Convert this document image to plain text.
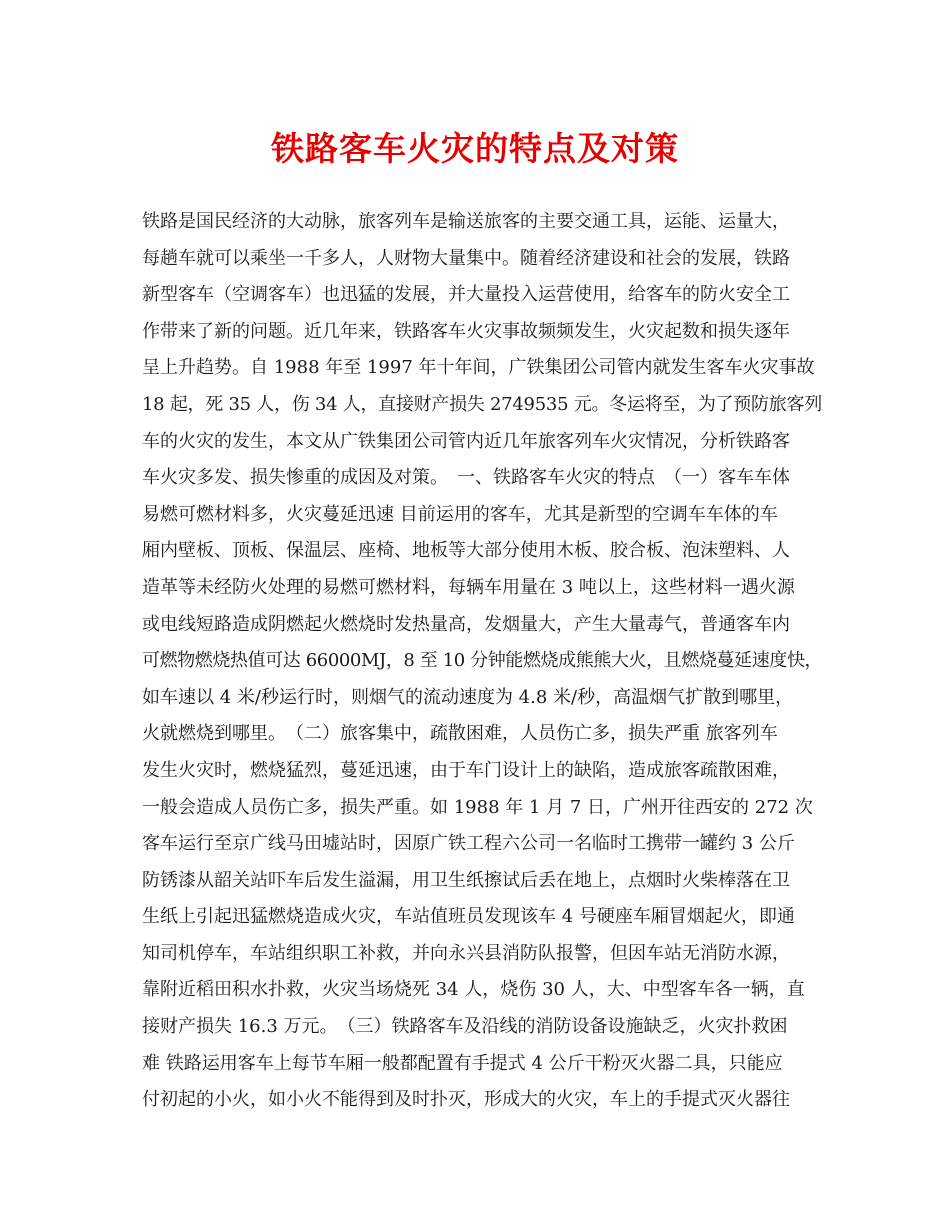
铁路客车火灾的特点及对策
铁路是国民经济的大动脉，旅客列车是输送旅客的主要交通工具，运能、运量大，
每趟车就可以乘坐一千多人，人财物大量集中。随着经济建设和社会的发展，铁路
新型客车（空调客车）也迅猛的发展，并大量投入运营使用，给客车的防火安全工
作带来了新的问题。近几年来，铁路客车火灾事故频频发生，火灾起数和损失逐年
呈上升趋势。自 1988 年至 1997 年十年间，广铁集团公司管内就发生客车火灾事故
18 起，死 35 人，伤 34 人，直接财产损失 2749535 元。冬运将至，为了预防旅客列
车的火灾的发生，本文从广铁集团公司管内近几年旅客列车火灾情况，分析铁路客
车火灾多发、损失惨重的成因及对策。　一、铁路客车火灾的特点　（一）客车车体
易燃可燃材料多，火灾蔓延迅速 目前运用的客车，尤其是新型的空调车车体的车
厢内壁板、顶板、保温层、座椅、地板等大部分使用木板、胶合板、泡沫塑料、人
造革等未经防火处理的易燃可燃材料，每辆车用量在 3 吨以上，这些材料一遇火源
或电线短路造成阴燃起火燃烧时发热量高，发烟量大，产生大量毒气，普通客车内
可燃物燃烧热值可达 66000MJ，8 至 10 分钟能燃烧成熊熊大火，且燃烧蔓延速度快，
如车速以 4 米/秒运行时，则烟气的流动速度为 4.8 米/秒，高温烟气扩散到哪里，
火就燃烧到哪里。　（二）旅客集中，疏散困难，人员伤亡多，损失严重 旅客列车
发生火灾时，燃烧猛烈，蔓延迅速，由于车门设计上的缺陷，造成旅客疏散困难，
一般会造成人员伤亡多，损失严重。如 1988 年 1 月 7 日，广州开往西安的 272 次
客车运行至京广线马田墟站时，因原广铁工程六公司一名临时工携带一罐约 3 公斤
防锈漆从韶关站吓车后发生溢漏，用卫生纸擦试后丢在地上，点烟时火柴棒落在卫
生纸上引起迅猛燃烧造成火灾，车站值班员发现该车 4 号硬座车厢冒烟起火，即通
知司机停车，车站组织职工补救，并向永兴县消防队报警，但因车站无消防水源，
靠附近稻田积水扑救，火灾当场烧死 34 人，烧伤 30 人，大、中型客车各一辆，直
接财产损失 16.3 万元。　（三）铁路客车及沿线的消防设备设施缺乏，火灾扑救困
难 铁路运用客车上每节车厢一般都配置有手提式 4 公斤干粉灭火器二具，只能应
付初起的小火，如小火不能得到及时扑灭，形成大的火灾，车上的手提式灭火器往
